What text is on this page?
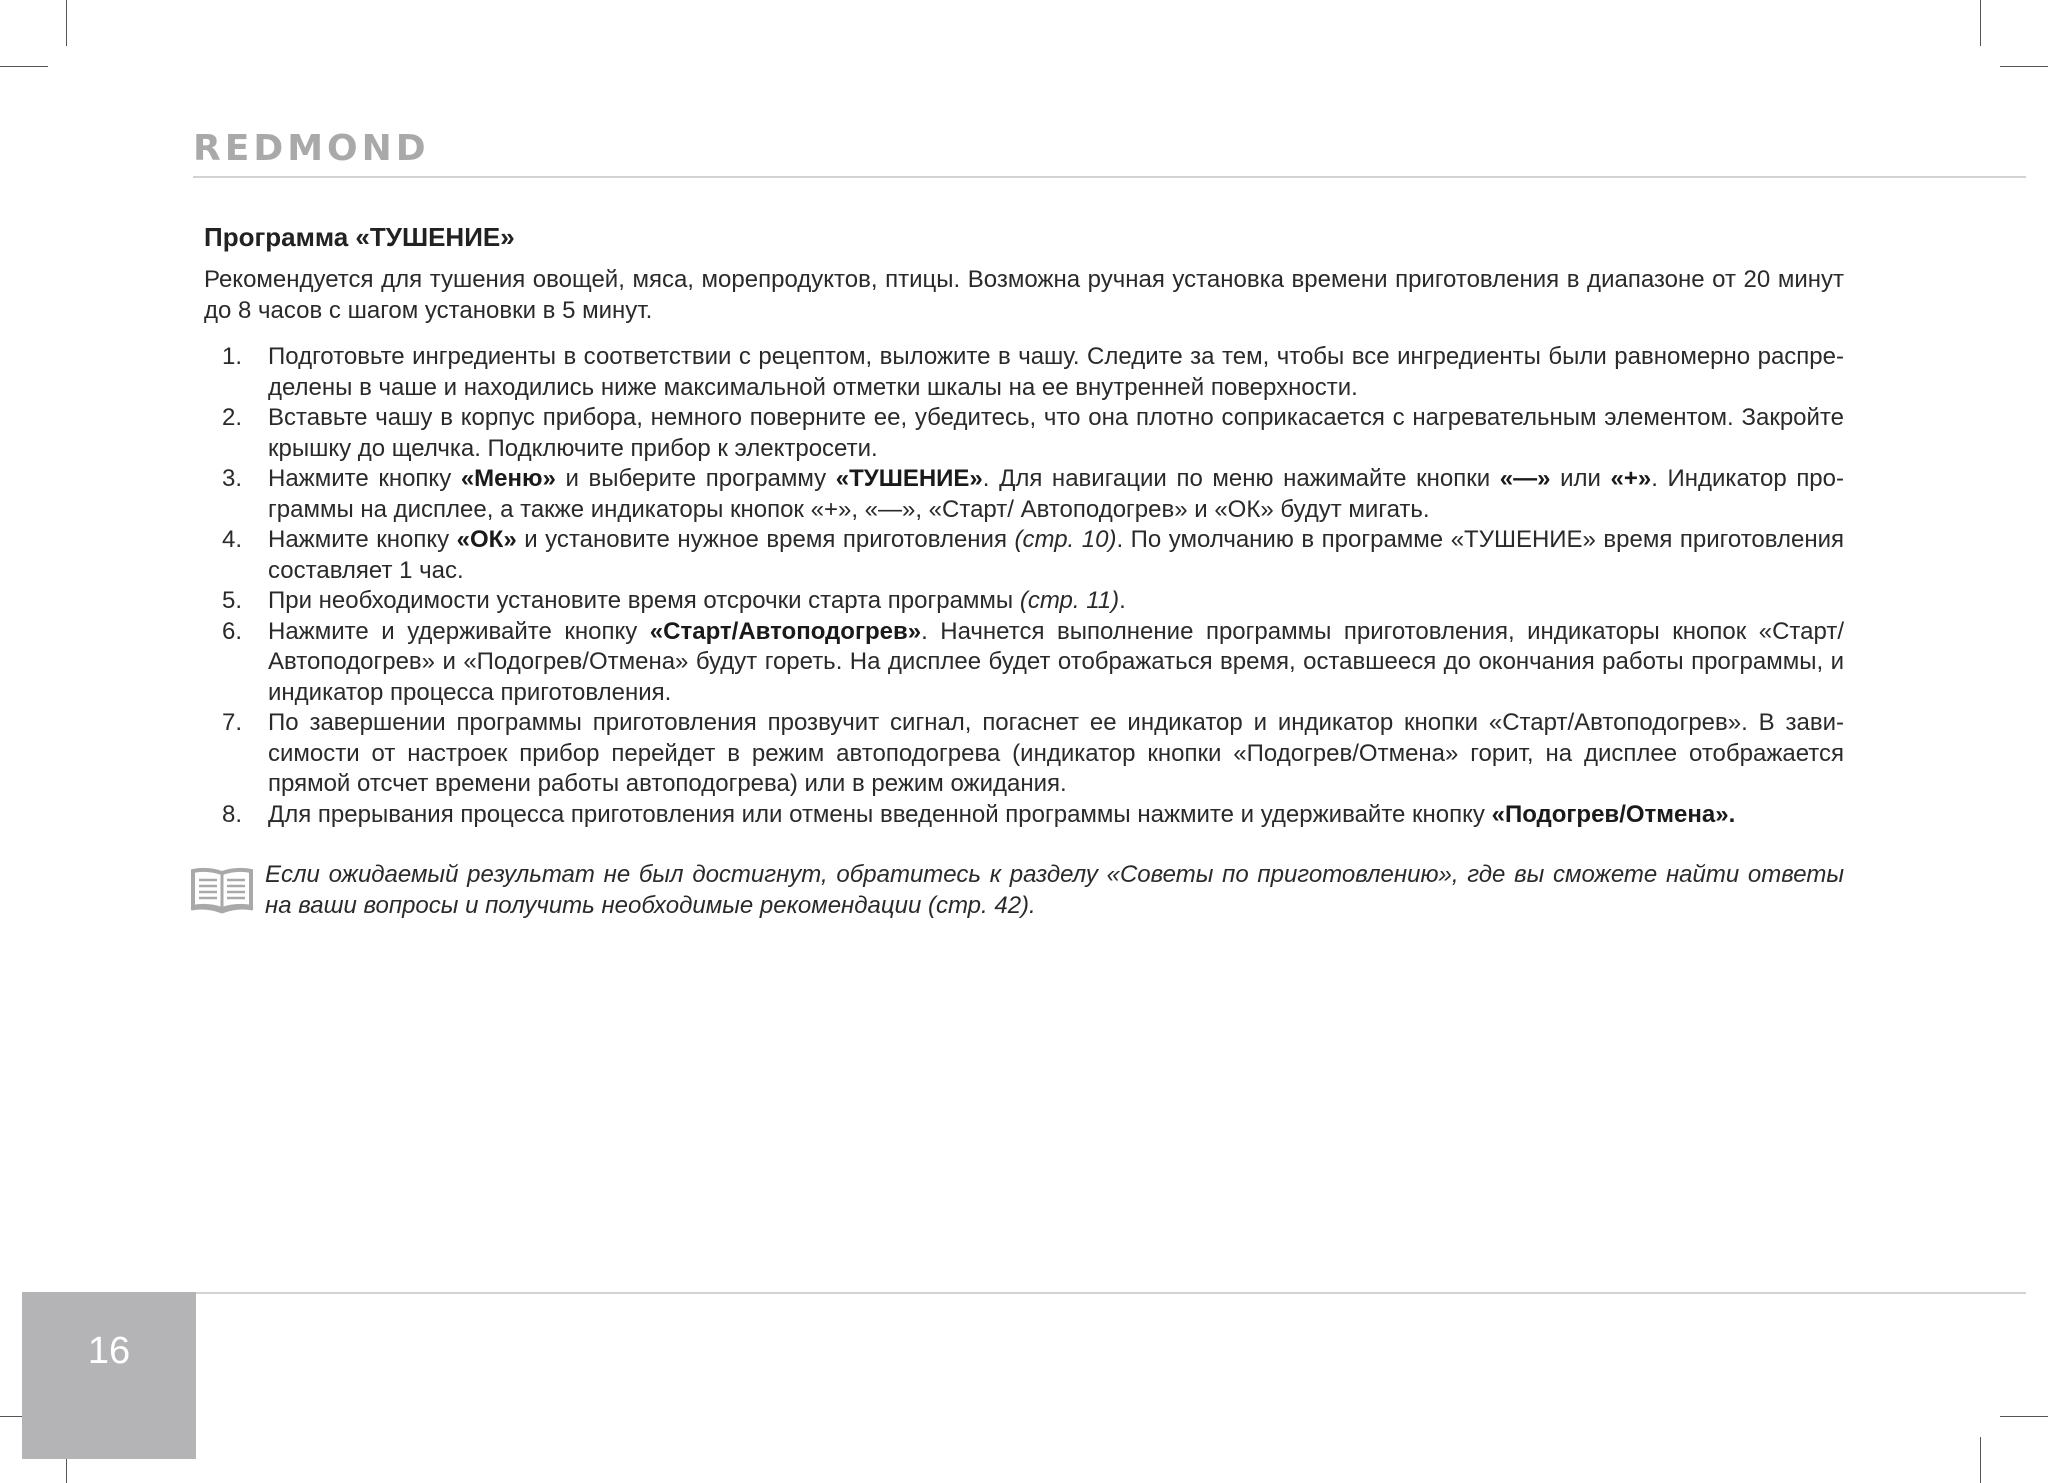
REDMOND
Программа «ТУШЕНИЕ»

Рекомендуется для тушения овощей, мяса, морепродуктов, птицы. Возможна ручная установка времени приготовления в диапазоне от 20 минут до 8 часов с шагом установки в 5 минут.

1.	Подготовьте ингредиенты в соответствии с рецептом, выложите в чашу. Следите за тем, чтобы все ингредиенты были равномерно распределены в чаше и находились ниже максимальной отметки шкалы на ее внутренней поверхности.
2.	Вставьте чашу в корпус прибора, немного поверните ее, убедитесь, что она плотно соприкасается с нагревательным элементом. Закройте крышку до щелчка. Подключите прибор к электросети.
3.	Нажмите кнопку «Меню» и выберите программу «ТУШЕНИЕ». Для навигации по меню нажимайте кнопки «—» или «+». Индикатор программы на дисплее, а также индикаторы кнопок «+», «—», «Старт/ Автоподогрев» и «ОК» будут мигать.
4.	Нажмите кнопку «ОК» и установите нужное время приготовления (стр. 10). По умолчанию в программе «ТУШЕНИЕ» время приготовления составляет 1 час.
5.	При необходимости установите время отсрочки старта программы (стр. 11).
6.	Нажмите и удерживайте кнопку «Старт/Автоподогрев». Начнется выполнение программы приготовления, индикаторы кнопок «Старт/Автоподогрев» и «Подогрев/Отмена» будут гореть. На дисплее будет отображаться время, оставшееся до окончания работы программы, и индикатор процесса приготовления.
7.	По завершении программы приготовления прозвучит сигнал, погаснет ее индикатор и индикатор кнопки «Старт/Автоподогрев». В зависимости от настроек прибор перейдет в режим автоподогрева (индикатор кнопки «Подогрев/Отмена» горит, на дисплее отображается прямой отсчет времени работы автоподогрева) или в режим ожидания.
8.	Для прерывания процесса приготовления или отмены введенной программы нажмите и удерживайте кнопку «Подогрев/Отмена».
Если ожидаемый результат не был достигнут, обратитесь к разделу «Советы по приготовлению», где вы сможете найти ответы на ваши вопросы и получить необходимые рекомендации (стр. 42).
16
